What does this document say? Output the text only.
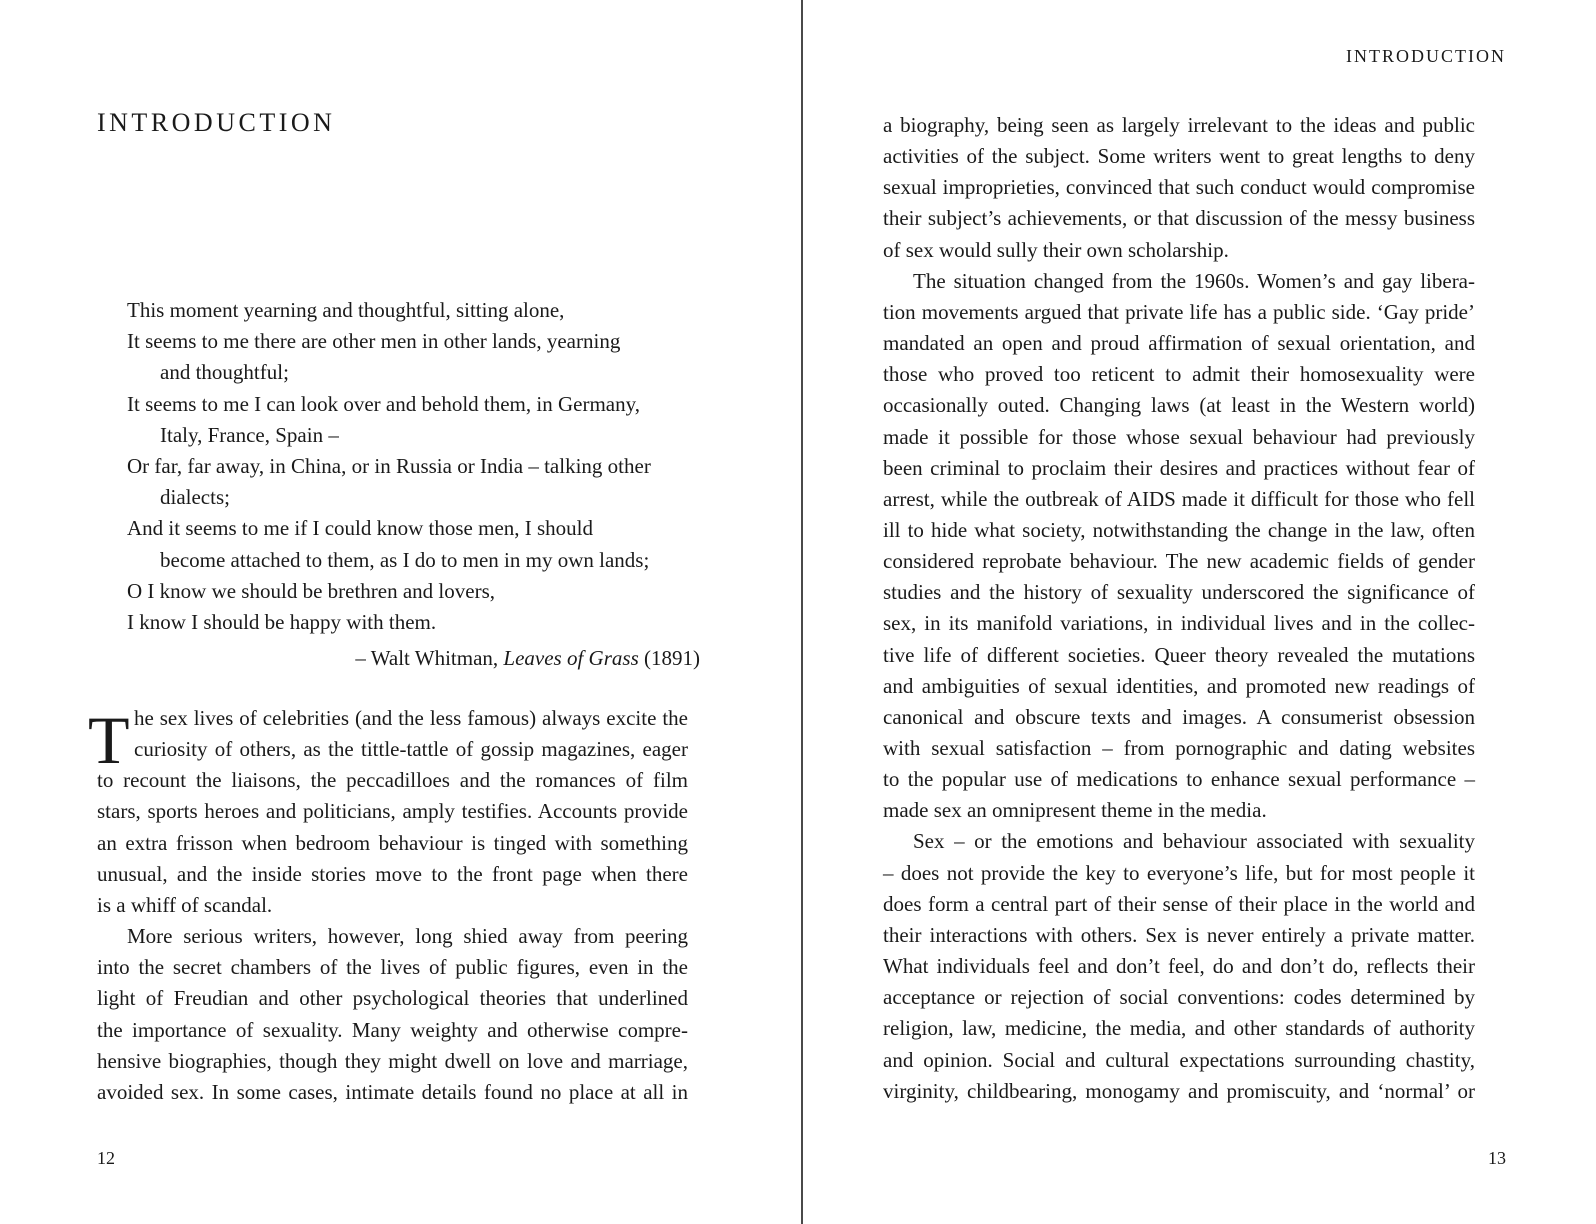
INTRODUCTION
This moment yearning and thoughtful, sitting alone,
It seems to me there are other men in other lands, yearning
and thoughtful;
It seems to me I can look over and behold them, in Germany,
Italy, France, Spain –
Or far, far away, in China, or in Russia or India – talking other
dialects;
And it seems to me if I could know those men, I should
become attached to them, as I do to men in my own lands;
O I know we should be brethren and lovers,
I know I should be happy with them.
– Walt Whitman, Leaves of Grass (1891)
T he sex lives of celebrities (and the less famous) always excite the
curiosity of others, as the tittle-tattle of gossip magazines, eager
to recount the liaisons, the peccadilloes and the romances of film
stars, sports heroes and politicians, amply testifies. Accounts provide
an extra frisson when bedroom behaviour is tinged with something
unusual, and the inside stories move to the front page when there
is a whiff of scandal.
More serious writers, however, long shied away from peering
into the secret chambers of the lives of public figures, even in the
light of Freudian and other psychological theories that underlined
the importance of sexuality. Many weighty and otherwise compre-
hensive biographies, though they might dwell on love and marriage,
avoided sex. In some cases, intimate details found no place at all in
12
INTRODUCTION
13
a biography, being seen as largely irrelevant to the ideas and public
activities of the subject. Some writers went to great lengths to deny
sexual improprieties, convinced that such conduct would compromise
their subject’s achievements, or that discussion of the messy business
of sex would sully their own scholarship.
The situation changed from the 1960s. Women’s and gay libera-
tion movements argued that private life has a public side. ‘Gay pride’
mandated an open and proud affirmation of sexual orientation, and
those who proved too reticent to admit their homosexuality were
occasionally outed. Changing laws (at least in the Western world)
made it possible for those whose sexual behaviour had previously
been criminal to proclaim their desires and practices without fear of
arrest, while the outbreak of AIDS made it difficult for those who fell
ill to hide what society, notwithstanding the change in the law, often
considered reprobate behaviour. The new academic fields of gender
studies and the history of sexuality underscored the significance of
sex, in its manifold variations, in individual lives and in the collec-
tive life of different societies. Queer theory revealed the mutations
and ambiguities of sexual identities, and promoted new readings of
canonical and obscure texts and images. A consumerist obsession
with sexual satisfaction – from pornographic and dating websites
to the popular use of medications to enhance sexual performance –
made sex an omnipresent theme in the media.
Sex – or the emotions and behaviour associated with sexuality
– does not provide the key to everyone’s life, but for most people it
does form a central part of their sense of their place in the world and
their interactions with others. Sex is never entirely a private matter.
What individuals feel and don’t feel, do and don’t do, reflects their
acceptance or rejection of social conventions: codes determined by
religion, law, medicine, the media, and other standards of authority
and opinion. Social and cultural expectations surrounding chastity,
virginity, childbearing, monogamy and promiscuity, and ‘normal’ or
